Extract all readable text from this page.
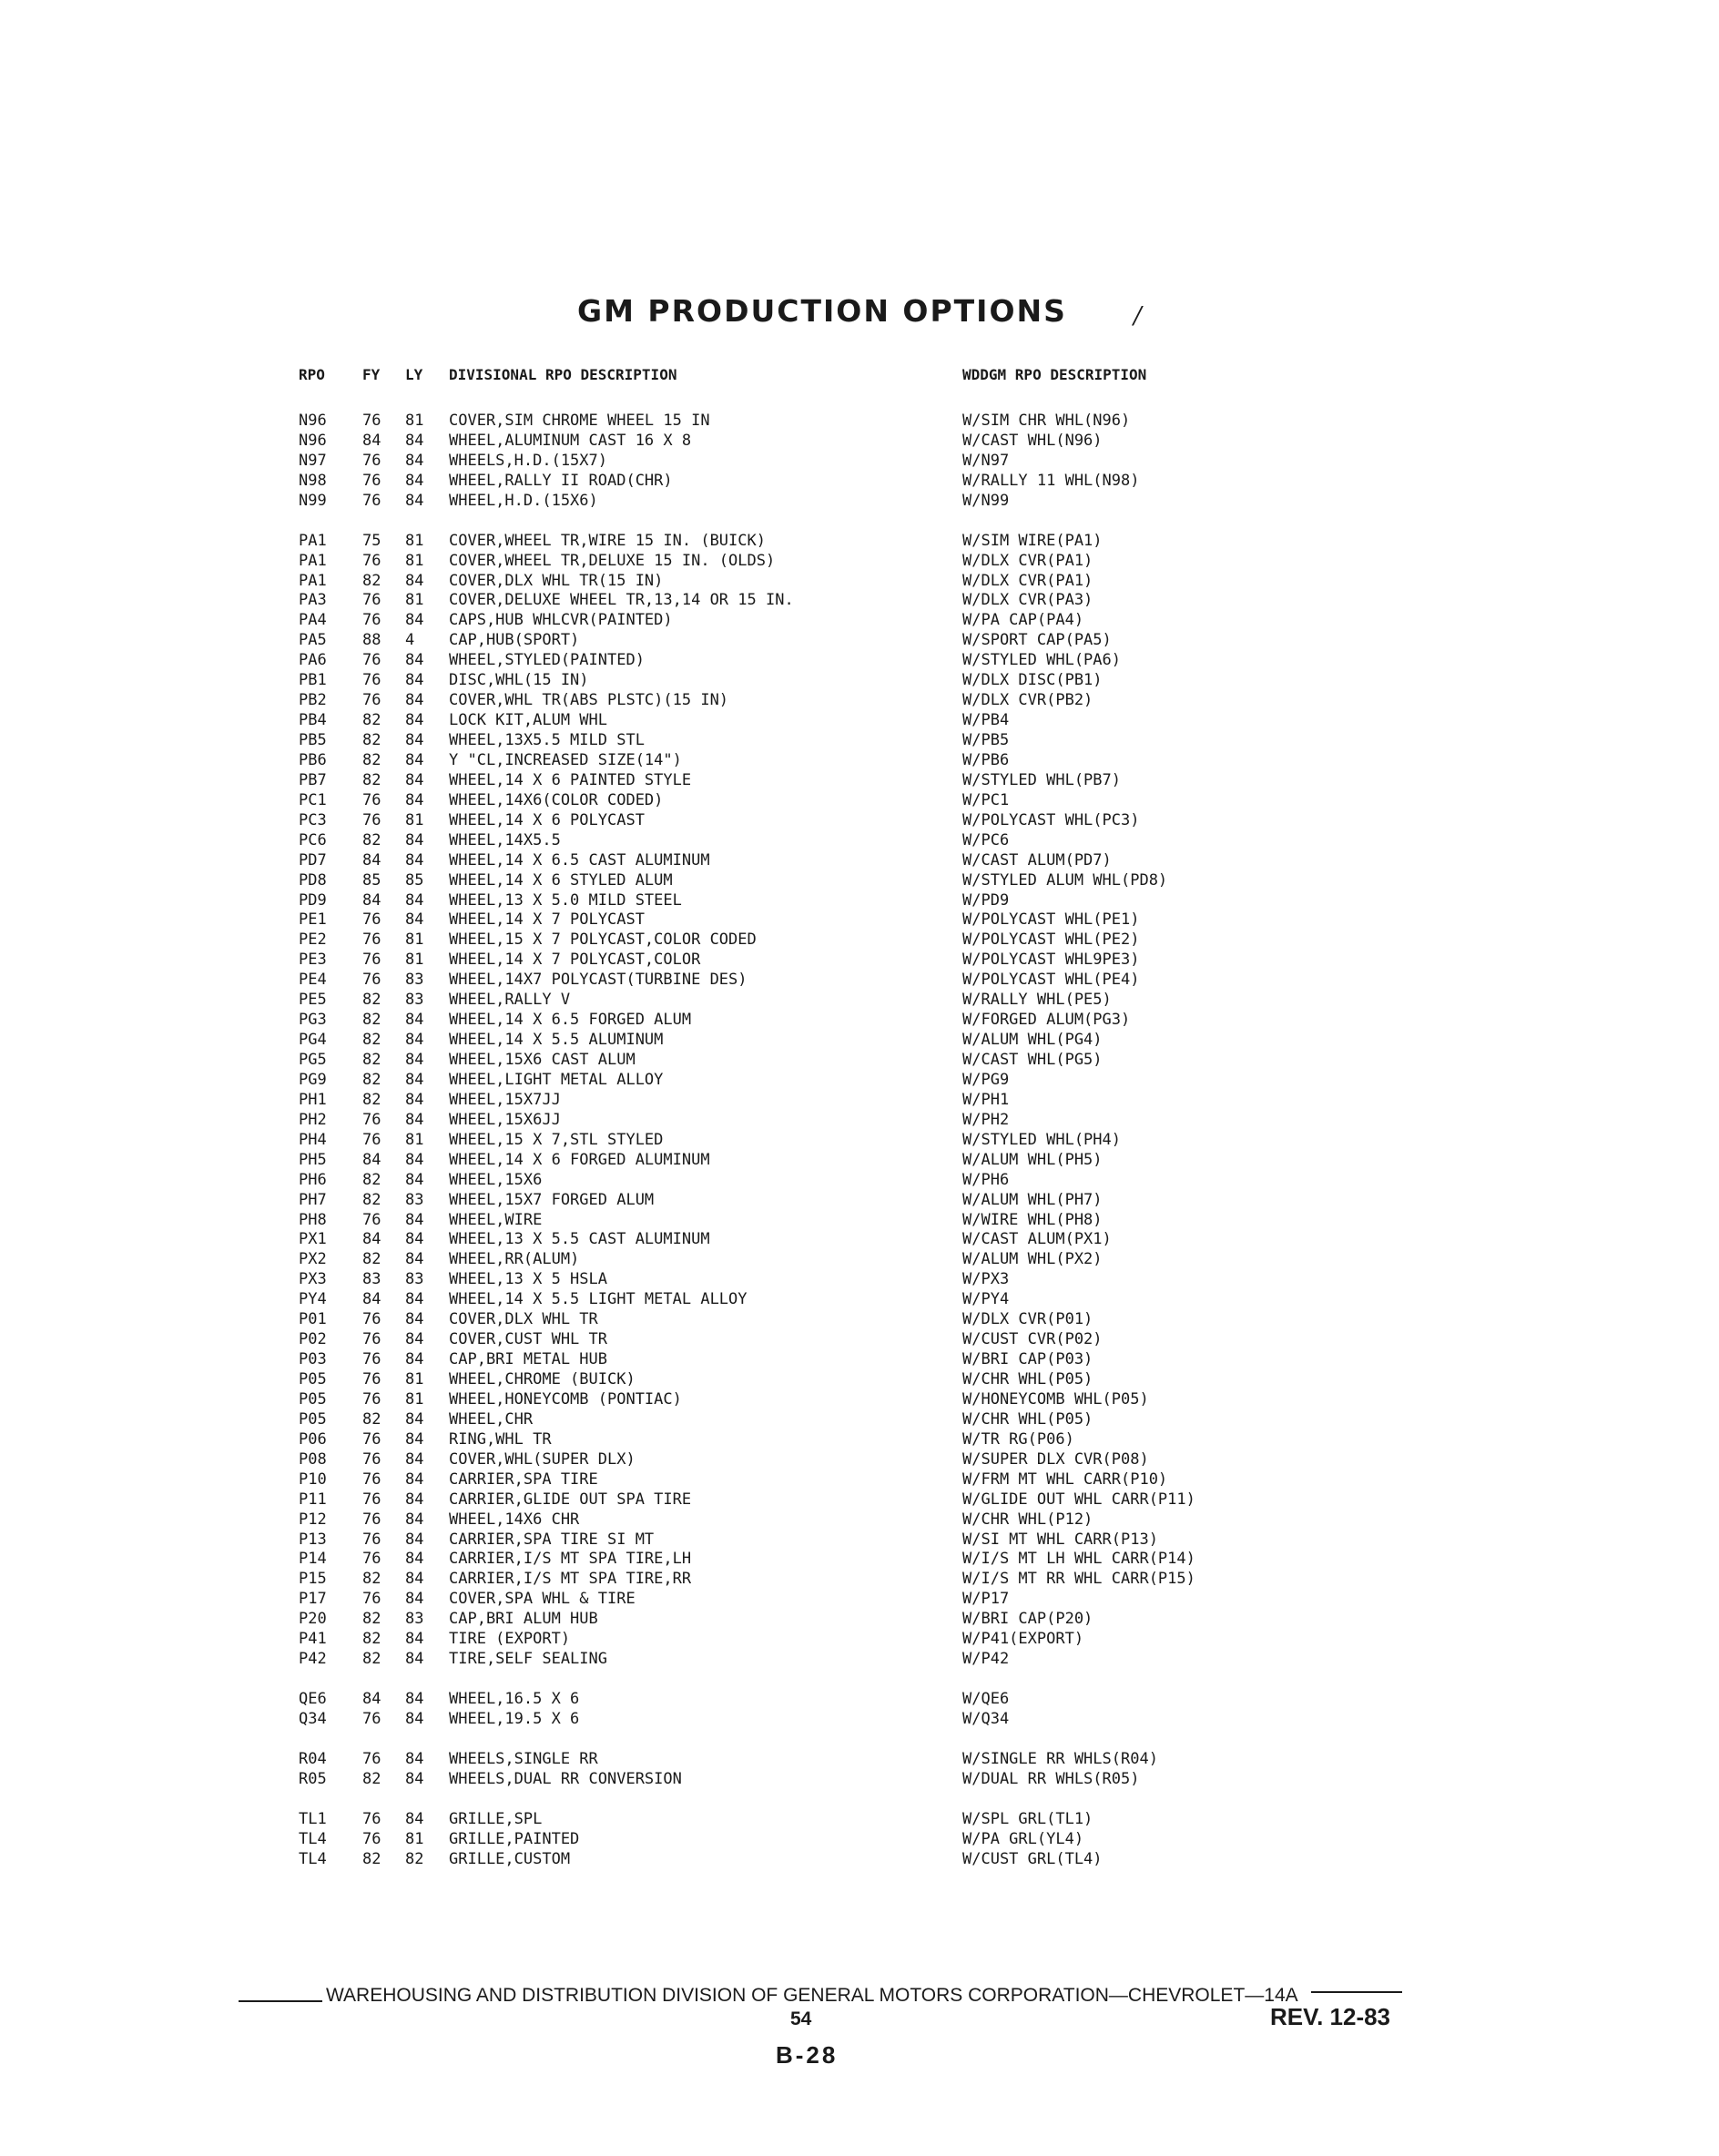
GM PRODUCTION OPTIONS	/
RPO	FY LY DIVISIONAL RPO DESCRIPTION	WDDGM RPO DESCRIPTION
N96 76 81 COVER,SIM CHROME WHEEL 15 IN	W/SIM CHR WHL(N96)
N96 84 84 WHEEL,ALUMINUM CAST 16 X 8	W/CAST WHL(N96)
N97 76 84 WHEELS,H.D.(15X7)	W/N97
N98 76 84 WHEEL,RALLY II ROAD(CHR)	W/RALLY 11 WHL(N98)
N99 76 84 WHEEL,H.D.(15X6)	W/N99
PA1 75 81 COVER,WHEEL TR,WIRE 15 IN. (BUICK)	W/SIM WIRE(PA1)
PA1 76 81 COVER,WHEEL TR,DELUXE 15 IN. (OLDS)	W/DLX CVR(PA1)
PA1 82 84 COVER,DLX WHL TR(15 IN)	W/DLX CVR(PA1)
PA3 76 81 COVER,DELUXE WHEEL TR,13,14 OR 15 IN.	W/DLX CVR(PA3)
PA4 76 84 CAPS,HUB WHLCVR(PAINTED)	W/PA CAP(PA4)
PA5 88 4 CAP,HUB(SPORT)	W/SPORT CAP(PA5)
PA6 76 84 WHEEL,STYLED(PAINTED)	W/STYLED WHL(PA6)
PB1 76 84 DISC,WHL(15 IN)	W/DLX DISC(PB1)
PB2 76 84 COVER,WHL TR(ABS PLSTC)(15 IN)	W/DLX CVR(PB2)
PB4 82 84 LOCK KIT,ALUM WHL	W/PB4
PB5 82 84 WHEEL,13X5.5 MILD STL	W/PB5
PB6 82 84 Y "CL,INCREASED SIZE(14")	W/PB6
PB7 82 84 WHEEL,14 X 6 PAINTED STYLE	W/STYLED WHL(PB7)
PC1 76 84 WHEEL,14X6(COLOR CODED)	W/PC1
PC3 76 81 WHEEL,14 X 6 POLYCAST	W/POLYCAST WHL(PC3)
PC6 82 84 WHEEL,14X5.5	W/PC6
PD7 84 84 WHEEL,14 X 6.5 CAST ALUMINUM	W/CAST ALUM(PD7)
PD8 85 85 WHEEL,14 X 6 STYLED ALUM	W/STYLED ALUM WHL(PD8)
PD9 84 84 WHEEL,13 X 5.0 MILD STEEL	W/PD9
PE1 76 84 WHEEL,14 X 7 POLYCAST	W/POLYCAST WHL(PE1)
PE2 76 81 WHEEL,15 X 7 POLYCAST,COLOR CODED	W/POLYCAST WHL(PE2)
PE3 76 81 WHEEL,14 X 7 POLYCAST,COLOR	W/POLYCAST WHL9PE3)
PE4 76 83 WHEEL,14X7 POLYCAST(TURBINE DES)	W/POLYCAST WHL(PE4)
PE5 82 83 WHEEL,RALLY V	W/RALLY WHL(PE5)
PG3 82 84 WHEEL,14 X 6.5 FORGED ALUM	W/FORGED ALUM(PG3)
PG4 82 84 WHEEL,14 X 5.5 ALUMINUM	W/ALUM WHL(PG4)
PG5 82 84 WHEEL,15X6 CAST ALUM	W/CAST WHL(PG5)
PG9 82 84 WHEEL,LIGHT METAL ALLOY	W/PG9
PH1 82 84 WHEEL,15X7JJ	W/PH1
PH2 76 84 WHEEL,15X6JJ	W/PH2
PH4 76 81 WHEEL,15 X 7,STL STYLED	W/STYLED WHL(PH4)
PH5 84 84 WHEEL,14 X 6 FORGED ALUMINUM	W/ALUM WHL(PH5)
PH6 82 84 WHEEL,15X6	W/PH6
PH7 82 83 WHEEL,15X7 FORGED ALUM	W/ALUM WHL(PH7)
PH8 76 84 WHEEL,WIRE	W/WIRE WHL(PH8)
PX1 84 84 WHEEL,13 X 5.5 CAST ALUMINUM	W/CAST ALUM(PX1)
PX2 82 84 WHEEL,RR(ALUM)	W/ALUM WHL(PX2)
PX3 83 83 WHEEL,13 X 5 HSLA	W/PX3
PY4 84 84 WHEEL,14 X 5.5 LIGHT METAL ALLOY	W/PY4
P01 76 84 COVER,DLX WHL TR	W/DLX CVR(P01)
P02 76 84 COVER,CUST WHL TR	W/CUST CVR(P02)
P03 76 84 CAP,BRI METAL HUB	W/BRI CAP(P03)
P05 76 81 WHEEL,CHROME (BUICK)	W/CHR WHL(P05)
P05 76 81 WHEEL,HONEYCOMB (PONTIAC)	W/HONEYCOMB WHL(P05)
P05 82 84 WHEEL,CHR	W/CHR WHL(P05)
P06 76 84 RING,WHL TR	W/TR RG(P06)
P08 76 84 COVER,WHL(SUPER DLX)	W/SUPER DLX CVR(P08)
P10 76 84 CARRIER,SPA TIRE	W/FRM MT WHL CARR(P10)
P11 76 84 CARRIER,GLIDE OUT SPA TIRE	W/GLIDE OUT WHL CARR(P11)
P12 76 84 WHEEL,14X6 CHR	W/CHR WHL(P12)
P13 76 84 CARRIER,SPA TIRE SI MT	W/SI MT WHL CARR(P13)
P14 76 84 CARRIER,I/S MT SPA TIRE,LH	W/I/S MT LH WHL CARR(P14)
P15 82 84 CARRIER,I/S MT SPA TIRE,RR	W/I/S MT RR WHL CARR(P15)
P17 76 84 COVER,SPA WHL & TIRE	W/P17
P20 82 83 CAP,BRI ALUM HUB	W/BRI CAP(P20)
P41 82 84 TIRE (EXPORT)	W/P41(EXPORT)
P42 82 84 TIRE,SELF SEALING	W/P42
QE6 84 84 WHEEL,16.5 X 6	W/QE6
Q34 76 84 WHEEL,19.5 X 6	W/Q34
R04 76 84 WHEELS,SINGLE RR	W/SINGLE RR WHLS(R04)
R05 82 84 WHEELS,DUAL RR CONVERSION	W/DUAL RR WHLS(R05)
TL1 76 84 GRILLE,SPL	W/SPL GRL(TL1)
TL4 76 81 GRILLE,PAINTED	W/PA GRL(YL4)
TL4 82 82 GRILLE,CUSTOM	W/CUST GRL(TL4)
WAREHOUSING AND DISTRIBUTION DIVISION OF GENERAL MOTORS CORPORATION—CHEVROLET—14A
54	REV. 12-83
B-28
